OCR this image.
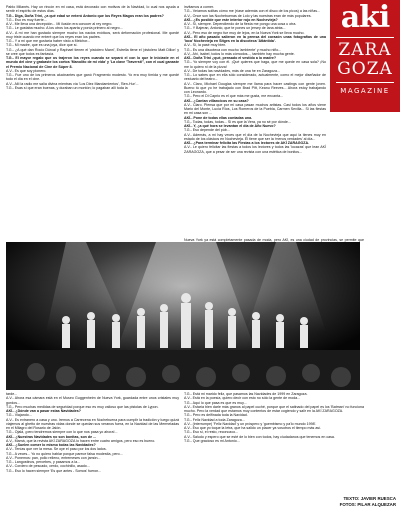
Pablo Milanés. Hay un rincón en mi casa, está decorado con motivos de la Navidad, lo cual nos ayuda a sentir el espíritu de estos días.

T.G.- Diga, Doña Trini, ¿a qué edad se enteró Antonio que los Reyes Magos eran los padres?

T.G.- Eso es muy fuerte...

A.V.- Me lleva una decepción... Mi ilusión era conocer al rey negro.

T.G.- Le gustaba mucho. A los otros los aparta y ponía primero al negro...

A.V.- A mí me han gustado siempre mucho los nacios exóticos, será deformación profesional. Me quedé muy triste cuando me enteré que los reyes eran los padres.

T.G.- Y a mí que me gustaría haber visto a Melchor...

T.G.- Mi madre, que es una joya, dice que sí.

T.G.- ¿A qué dan Rocío Dúrcal y Raphael tienen el 'pistolero Manri', Estrella tiene el 'pistolero Matt Dillon' y se cree que todos es fantasía.

T.G.- El mayor regalo que os trajeron los reyes cuando se separó el con lo que le iniciaste en el mundo del cine y grabaste los cortos 'Manolito de mi vida' y 'La clave 'Traversti'', con el cual ganaste el Premio Nacional de Cine de Súper 8.

A.V.- Es que soy pionero.

T.G.- Fue uno de los primeros alucinantes que ganó Fragmento modesto. Yo era muy tímida y me quedé todo el día en el cine.

A.V.- Allí la radio me salía divina mientras vía 'Los Diez Mandamientos', 'Ben-Hur'...

T.G.- Esas sí que eran buenas, y duraban un montón; lo pagaban allí toda la

invitamos a comer.

T.G.- Veíamos solitas cómo me (ríase además con el disco de los picos) a las niñas...

A.V.- Once son las Nochebuenas de Lolo y las nuestras eran de más populares.

AKÍ.- ¿Es posible que este interior rojo en Nochevieja?

A.V.- Sí, siempre. Dependiendo de la fiesta me pongo una cosa u otra.

T.G.- Y Bajeran, Antonio, que te pones un jersey de lana atrás...

A.V.- Pero eso de negro fue muy de lejos, en la Nueva York se lleva mucho.

AKÍ.- El año pasado salieron en la prensa del corazón unas fotografías de una 'loca' Nochevieja en Sitges en la discoteca 'Atlántida'.

A.V.- Sí, la pasé muy bien.

T.G.- Es una discoteca con mucho 'ambiente' y mucho niño...

A.V.- Ahí, Isabel, todos lo más cómodos..., también hay mucha gente.

AKÍ.- Doña Trini ¿qué, pensado el vestido a lo madre?

T.G.- Yo siempre voy con él. ¡Qué quieres que haga, que me quede en casa sola? ¡No me lo quiero ni de la pizza!

A.V.- De todas las navidades, más de una he en Zaragoza...

T.G.- Lo sabes que en ella sólo considerado, actualmente, como el mejor diseñador de vestuario del teatro...

A.V.- Claro, Michael Douglas siempre me llama para hacer castings con gente joven. Bueno tú que yo he trabajado con Brad Pitt, Keanu Reeves... Ahora estoy trabajando con Leonardo.

T.G.- Pero el Di Caprio es el que más me gusta, me encanta...

AKÍ.- ¿Cantan villancicos en su casa?

A.V.- Claro. Piensa que por mi casa pasan muchos artistas. Casi todos los años viene Mario del Monte, Lucía Ríos, Los Romeros de la Puebla, Carmen Sevilla... Si las fiestas en mi casa son ...

AKÍ.- Pone de todas ellas contadas una.

T.G.- Todas, todas, todas... Si es que la Vera, ya no sé por dónde...

AKÍ.- Y, ¿a qué hora se levantan el día de Año Nuevo?

T.G.- Eso depende del púb...

A.V.- Además, a mí hay veces que el día de la Nochevieja que aquí la tienes muy en estado de los clásicos en Nochevieja. Él tiene que ser la 'menos verdades' al día...

AKÍ.- ¿Para terminar felicita las Fiestas a los lectores de AKÍ ZARAGOZA.

A.V.- Le quiero felicitar las fiestas a todos los lectores y todos las 'locazas' que lean AKÍ ZARAGOZA, que a pesar de ser una revista con una estética de bonitos...

aki
ZARA
GOZA
MAGAZINE

Nueva York ya está completamente pasada de moda, pero AKÍ, es una ciudad de provincias, se permite que

tarde...

A.V.- Ahora esa cámara está en el Museo Guggenheim de Nueva York, guardada entre unos cristales muy gordos...

T.G.- Pero muchas medidas de seguridad porque eso es muy valioso que las pistolas de Lypon.

AKÍ.- ¿Dónde van a pasar estas Navidades?

T.G.- Viajando...

A.V.- Es extranero a casa y uno. Iremos a Carrecena en Nochebuena para cumplir la tradición y luego quizá viajemos al ghetto de nuestras vidas donde se quedan sus veranos fuera, en la Navidad de las Mermeladas en el Milagro del Rosario de Jalón.

T.G.- Ojalá, ¡pero tendremos siempre con lo que nos pasa yo ahora!...

AKÍ.- ¿Nuestras Navidades no son bonitas, son de ...

A.V.- Mamá, que la revista AKÍ ZARAGOZA lo hacen entre cuatro amigos, pero eso es bueno.

AKÍ.- ¿Suelen comer lo mismo todas las Navidades?

A.V.- Tenías que ver la mesa. Se oye el paso por los dos lados.

T.G.- A veces... Yo no quiero hablar porque parece falsa modestia, pero...

A.V.- Ponemos: pan, pollo relleno, entremeses con jamón...

T.G.- Langostinos, percebes, y pasamos a la...

A.V.- Cordero de pescado, cerdo, cochinillo, asado...

T.G.- Eso lo hacen siempre 'Es que antes - Somos' fueron...

T.G.- Está mi marido feliz, que pasamos las Navidades de 1999 en Zaragoza.

A.V.- Está en la poesía, quiero decir con esto no sólo la gente de moda...

T.G.- Aquí lo que pasa es que es muy...

A.V.- Estaría bien darle más granos al papel cuché, porque que el satinado del papel es los 'Batman' no funciona mucho. Pero la verdad que estamos muy contentos de estar cogiendo y salir en la AKÍ ZARAGOZA.

T.G.- Pero es delfinada toda la Navidad.

T.G.- Feliz Navidad a toda Zaragoza...

A.V.- (interrumpe) 'Feliz Navidad' y un próspero y 'guembismo y pa'lo mundo 1998'.

A.V.- Eso que yo toque la letra, que ha salido un placer ya vosotros el tiempo más así.

T.G.- Eso sí, el resto, reconozco...

A.V.- Saludo y espero que se esté de lo bien con todos, hay ciudadanos que tenemos en casa.

T.G.- Que gracioso es mi Antonio...

TEXTO: JAVIER RUESCA
FOTOS: PILAR ALQUEZAR
